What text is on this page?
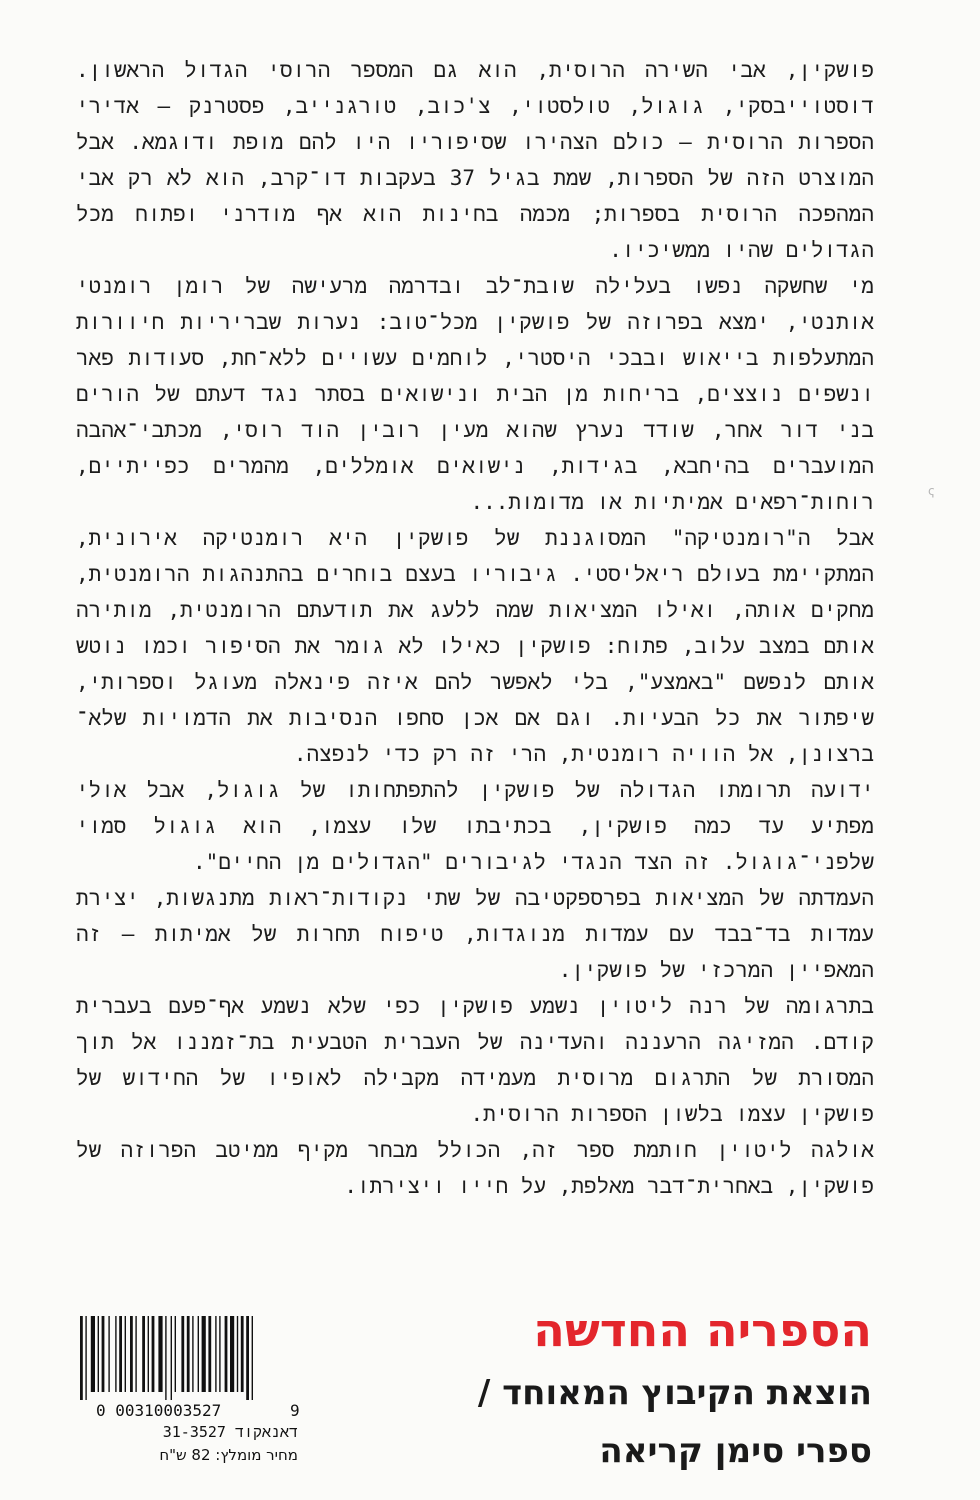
פושקין, אבי השירה הרוסית, הוא גם המספר הרוסי הגדול הראשון. דוסטוייבסקי, גוגול, טולסטוי, צ'כוב, טורגנייב, פסטרנק – אדירי הספרות הרוסית – כולם הצהירו שסיפוריו היו להם מופת ודוגמא. אבל המוצרט הזה של הספרות, שמת בגיל 37 בעקבות דו־קרב, הוא לא רק אבי המהפכה הרוסית בספרות; מכמה בחינות הוא אף מודרני ופתוח מכל הגדולים שהיו ממשיכיו.

מי שחשקה נפשו בעלילה שובת־לב ובדרמה מרעישה של רומן רומנטי אותנטי, ימצא בפרוזה של פושקין מכל־טוב: נערות שבריריות חיוורות המתעלפות בייאוש ובבכי היסטרי, לוחמים עשויים ללא־חת, סעודות פאר ונשפים נוצצים, בריחות מן הבית ונישואים בסתר נגד דעתם של הורים בני דור אחר, שודד נערץ שהוא מעין רובין הוד רוסי, מכתבי־אהבה המועברים בהיחבא, בגידות, נישואים אומללים, מהמרים כפייתיים, רוחות־רפאים אמיתיות או מדומות...

אבל ה"רומנטיקה" המסוגננת של פושקין היא רומנטיקה אירונית, המתקיימת בעולם ריאליסטי. גיבוריו בעצם בוחרים בהתנהגות הרומנטית, מחקים אותה, ואילו המציאות שמה ללעג את תודעתם הרומנטית, מותירה אותם במצב עלוב, פתוח: פושקין כאילו לא גומר את הסיפור וכמו נוטש אותם לנפשם "באמצע", בלי לאפשר להם איזה פינאלה מעוגל וספרותי, שיפתור את כל הבעיות. וגם אם אכן סחפו הנסיבות את הדמויות שלא־ ברצונן, אל הוויה רומנטית, הרי זה רק כדי לנפצה.

ידועה תרומתו הגדולה של פושקין להתפתחותו של גוגול, אבל אולי מפתיע עד כמה פושקין, בכתיבתו שלו עצמו, הוא גוגול סמוי שלפני־גוגול. זה הצד הנגדי לגיבורים "הגדולים מן החיים".

העמדתה של המציאות בפרספקטיבה של שתי נקודות־ראות מתנגשות, יצירת עמדות בד־בבד עם עמדות מנוגדות, טיפוח תחרות של אמיתות – זה המאפיין המרכזי של פושקין.

בתרגומה של רנה ליטוין נשמע פושקין כפי שלא נשמע אף־פעם בעברית קודם. המזיגה הרעננה והעדינה של העברית הטבעית בת־זמננו אל תוך המסורת של התרגום מרוסית מעמידה מקבילה לאופיו של החידוש של פושקין עצמו בלשון הספרות הרוסית.

אולגה ליטוין חותמת ספר זה, הכולל מבחר מקיף ממיטב הפרוזה של פושקין, באחרית־דבר מאלפת, על חייו ויצירתו.

ҁ
הספריה החדשה
הוצאת הקיבוץ המאוחד /
ספרי סימן קריאה
0 00310003527	9
דאנאקוד 31-3527
מחיר מומלץ: 82 ש"ח
